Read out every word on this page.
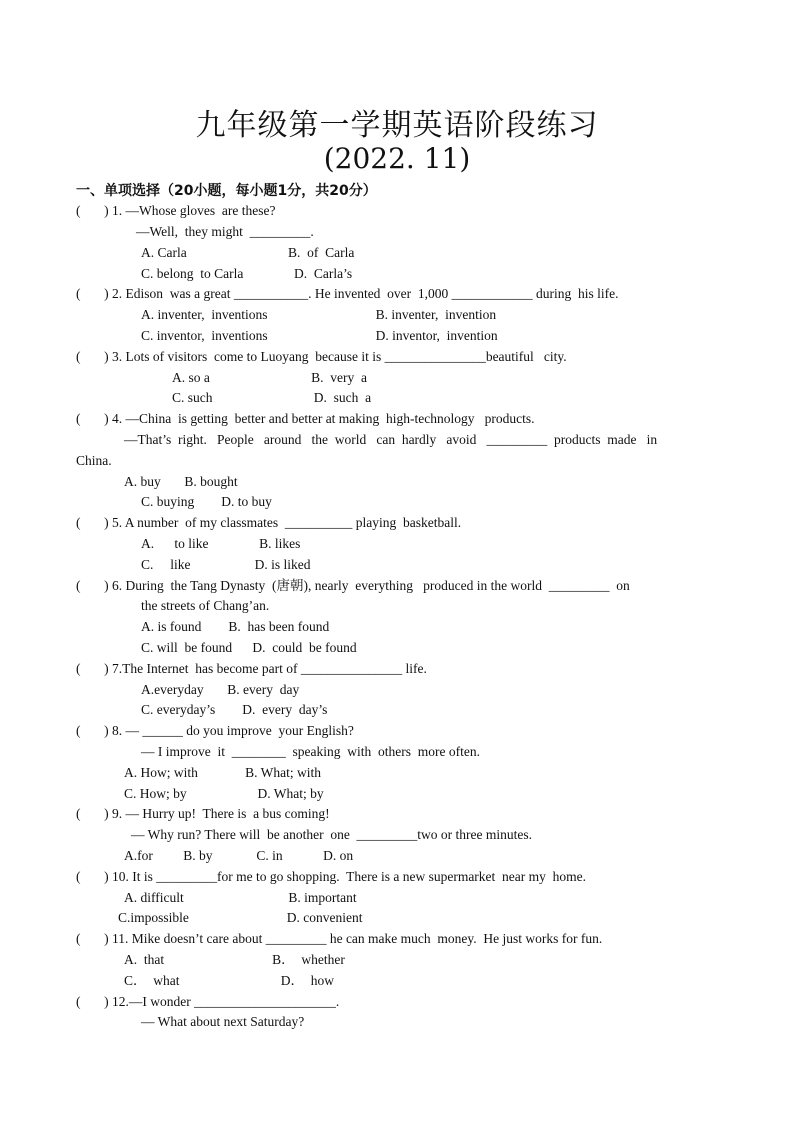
九年级第一学期英语阶段练习
(2022. 11)
一、单项选择（20小题，每小题1分，共20分）
(       ) 1. —Whose gloves  are these?
—Well,  they might  _________.
A. Carla                              B.  of  Carla
C. belong  to Carla               D.  Carla’s
(       ) 2. Edison  was a great ___________. He invented  over  1,000 ____________ during  his life.
A. inventer,  inventions                                B. inventer,  invention
C. inventor,  inventions                                D. inventor,  invention
(       ) 3. Lots of visitors  come to Luoyang  because it is _______________beautiful   city.
A. so a                              B.  very  a
C. such                              D.  such  a
(       ) 4. —China  is getting  better and better at making  high-technology   products.
—That’s  right.   People   around   the  world   can  hardly   avoid   _________  products  made   in
China.
A. buy       B. bought
C. buying        D. to buy
(       ) 5. A number  of my classmates  __________ playing  basketball.
A.      to like               B. likes
C.     like                   D. is liked
(       ) 6. During  the Tang Dynasty  (唐朝), nearly  everything   produced in the world  _________  on
the streets of Chang’an.
A. is found        B.  has been found
C. will  be found      D.  could  be found
(       ) 7.The Internet  has become part of _______________ life.
A.everyday       B. every  day
C. everyday’s        D.  every  day’s
(       ) 8. — ______ do you improve  your English?
— I improve  it  ________  speaking  with  others  more often.
A. How; with              B. What; with
C. How; by                     D. What; by
(       ) 9. — Hurry up!  There is  a bus coming!
— Why run? There will  be another  one  _________two or three minutes.
A.for         B. by             C. in            D. on
(       ) 10. It is _________for me to go shopping.  There is a new supermarket  near my  home.
A. difficult                               B. important
C.impossible                             D. convenient
(       ) 11. Mike doesn’t care about _________ he can make much  money.  He just works for fun.
A.  that                                B．  whether
C．  what                              D．  how
(       ) 12.—I wonder _____________________.
— What about next Saturday?
